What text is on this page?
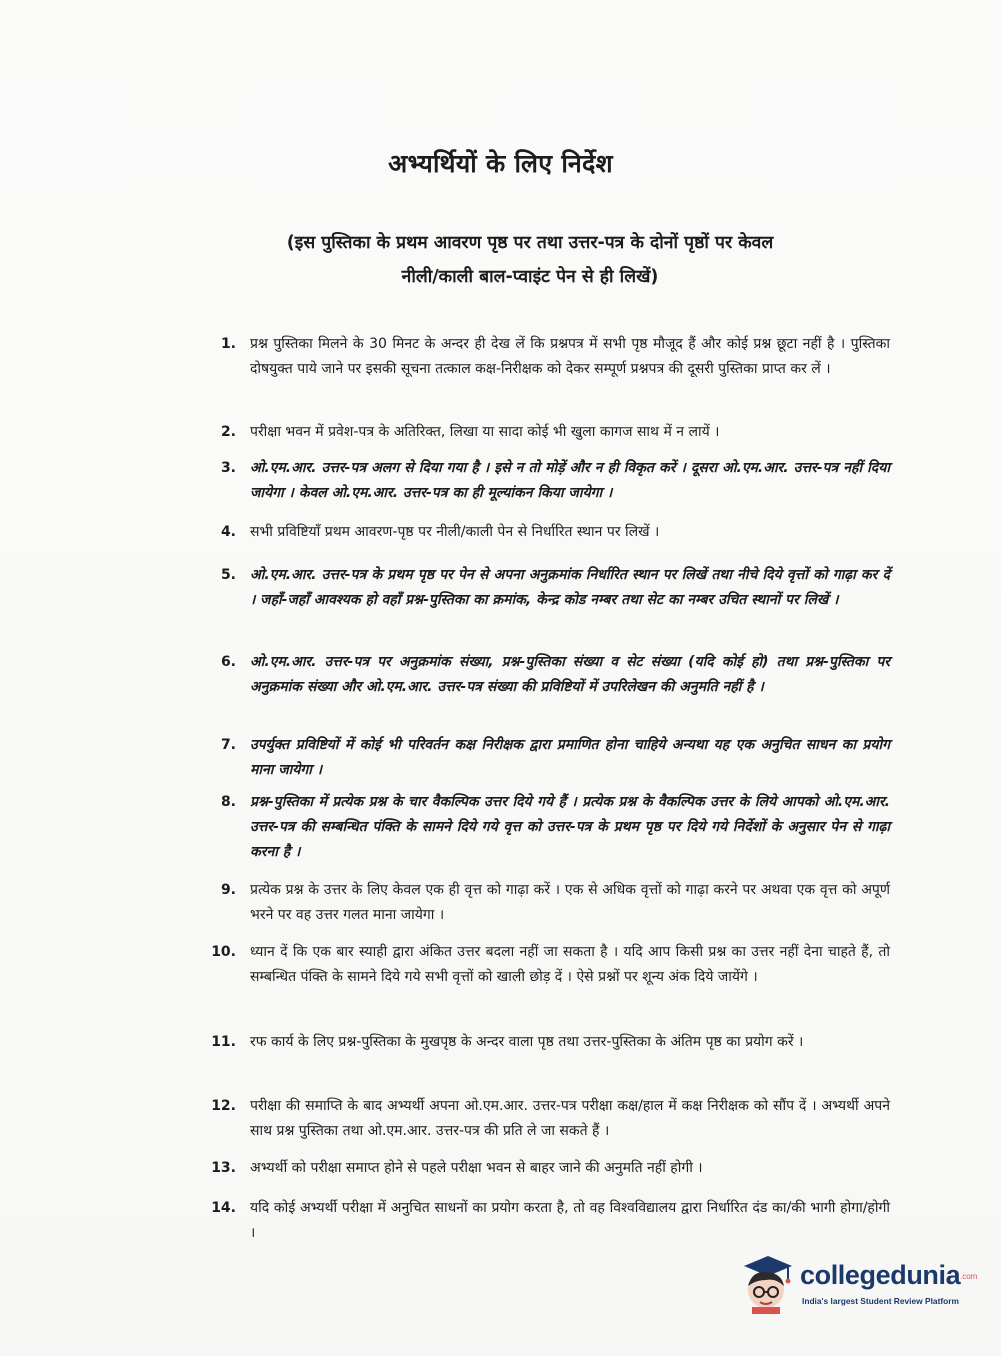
अभ्यर्थियों के लिए निर्देश
(इस पुस्तिका के प्रथम आवरण पृष्ठ पर तथा उत्तर-पत्र के दोनों पृष्ठों पर केवल
नीली/काली बाल-प्वाइंट पेन से ही लिखें)
1. प्रश्न पुस्तिका मिलने के 30 मिनट के अन्दर ही देख लें कि प्रश्नपत्र में सभी पृष्ठ मौजूद हैं और कोई प्रश्न छूटा नहीं है । पुस्तिका दोषयुक्त पाये जाने पर इसकी सूचना तत्काल कक्ष-निरीक्षक को देकर सम्पूर्ण प्रश्नपत्र की दूसरी पुस्तिका प्राप्त कर लें ।
2. परीक्षा भवन में प्रवेश-पत्र के अतिरिक्त, लिखा या सादा कोई भी खुला कागज साथ में न लायें ।
3. ओ.एम.आर. उत्तर-पत्र अलग से दिया गया है । इसे न तो मोड़ें और न ही विकृत करें । दूसरा ओ.एम.आर. उत्तर-पत्र नहीं दिया जायेगा । केवल ओ.एम.आर. उत्तर-पत्र का ही मूल्यांकन किया जायेगा ।
4. सभी प्रविष्टियाँ प्रथम आवरण-पृष्ठ पर नीली/काली पेन से निर्धारित स्थान पर लिखें ।
5. ओ.एम.आर. उत्तर-पत्र के प्रथम पृष्ठ पर पेन से अपना अनुक्रमांक निर्धारित स्थान पर लिखें तथा नीचे दिये वृत्तों को गाढ़ा कर दें । जहाँ-जहाँ आवश्यक हो वहाँ प्रश्न-पुस्तिका का क्रमांक, केन्द्र कोड नम्बर तथा सेट का नम्बर उचित स्थानों पर लिखें ।
6. ओ.एम.आर. उत्तर-पत्र पर अनुक्रमांक संख्या, प्रश्न-पुस्तिका संख्या व सेट संख्या (यदि कोई हो) तथा प्रश्न-पुस्तिका पर अनुक्रमांक संख्या और ओ.एम.आर. उत्तर-पत्र संख्या की प्रविष्टियों में उपरिलेखन की अनुमति नहीं है ।
7. उपर्युक्त प्रविष्टियों में कोई भी परिवर्तन कक्ष निरीक्षक द्वारा प्रमाणित होना चाहिये अन्यथा यह एक अनुचित साधन का प्रयोग माना जायेगा ।
8. प्रश्न-पुस्तिका में प्रत्येक प्रश्न के चार वैकल्पिक उत्तर दिये गये हैं । प्रत्येक प्रश्न के वैकल्पिक उत्तर के लिये आपको ओ.एम.आर. उत्तर-पत्र की सम्बन्धित पंक्ति के सामने दिये गये वृत्त को उत्तर-पत्र के प्रथम पृष्ठ पर दिये गये निर्देशों के अनुसार पेन से गाढ़ा करना है ।
9. प्रत्येक प्रश्न के उत्तर के लिए केवल एक ही वृत्त को गाढ़ा करें । एक से अधिक वृत्तों को गाढ़ा करने पर अथवा एक वृत्त को अपूर्ण भरने पर वह उत्तर गलत माना जायेगा ।
10. ध्यान दें कि एक बार स्याही द्वारा अंकित उत्तर बदला नहीं जा सकता है । यदि आप किसी प्रश्न का उत्तर नहीं देना चाहते हैं, तो सम्बन्धित पंक्ति के सामने दिये गये सभी वृत्तों को खाली छोड़ दें । ऐसे प्रश्नों पर शून्य अंक दिये जायेंगे ।
11. रफ कार्य के लिए प्रश्न-पुस्तिका के मुखपृष्ठ के अन्दर वाला पृष्ठ तथा उत्तर-पुस्तिका के अंतिम पृष्ठ का प्रयोग करें ।
12. परीक्षा की समाप्ति के बाद अभ्यर्थी अपना ओ.एम.आर. उत्तर-पत्र परीक्षा कक्ष/हाल में कक्ष निरीक्षक को सौंप दें । अभ्यर्थी अपने साथ प्रश्न पुस्तिका तथा ओ.एम.आर. उत्तर-पत्र की प्रति ले जा सकते हैं ।
13. अभ्यर्थी को परीक्षा समाप्त होने से पहले परीक्षा भवन से बाहर जाने की अनुमति नहीं होगी ।
14. यदि कोई अभ्यर्थी परीक्षा में अनुचित साधनों का प्रयोग करता है, तो वह विश्वविद्यालय द्वारा निर्धारित दंड का/की भागी होगा/होगी ।
collegedunia .com
India's largest Student Review Platform
